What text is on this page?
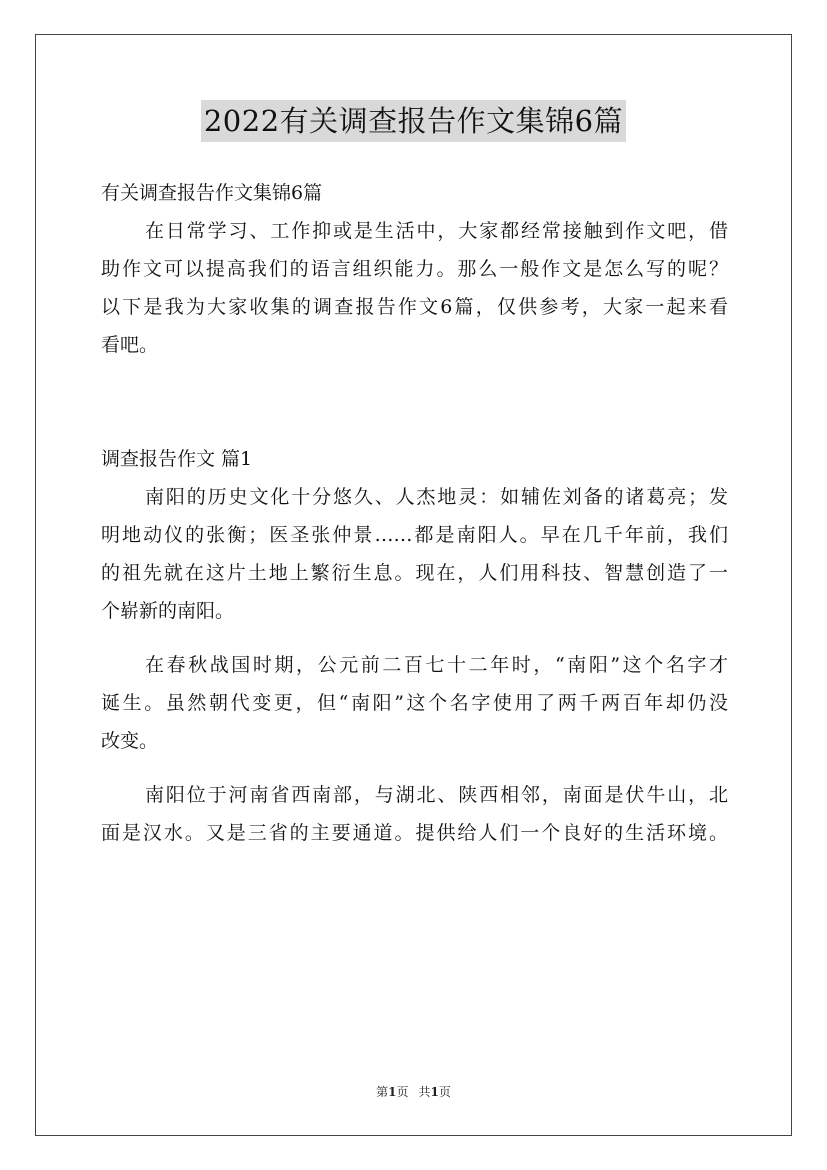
2022有关调查报告作文集锦6篇

有关调查报告作文集锦6篇

在日常学习、工作抑或是生活中，大家都经常接触到作文吧，借

助作文可以提高我们的语言组织能力。那么一般作文是怎么写的呢？

以下是我为大家收集的调查报告作文6篇，仅供参考，大家一起来看

看吧。

调查报告作文 篇1

南阳的历史文化十分悠久、人杰地灵：如辅佐刘备的诸葛亮；发

明地动仪的张衡；医圣张仲景……都是南阳人。早在几千年前，我们

的祖先就在这片土地上繁衍生息。现在，人们用科技、智慧创造了一

个崭新的南阳。

在春秋战国时期，公元前二百七十二年时，“南阳”这个名字才

诞生。虽然朝代变更，但“南阳”这个名字使用了两千两百年却仍没

改变。

南阳位于河南省西南部，与湖北、陕西相邻，南面是伏牛山，北

面是汉水。又是三省的主要通道。提供给人们一个良好的生活环境。

第1页 共1页
